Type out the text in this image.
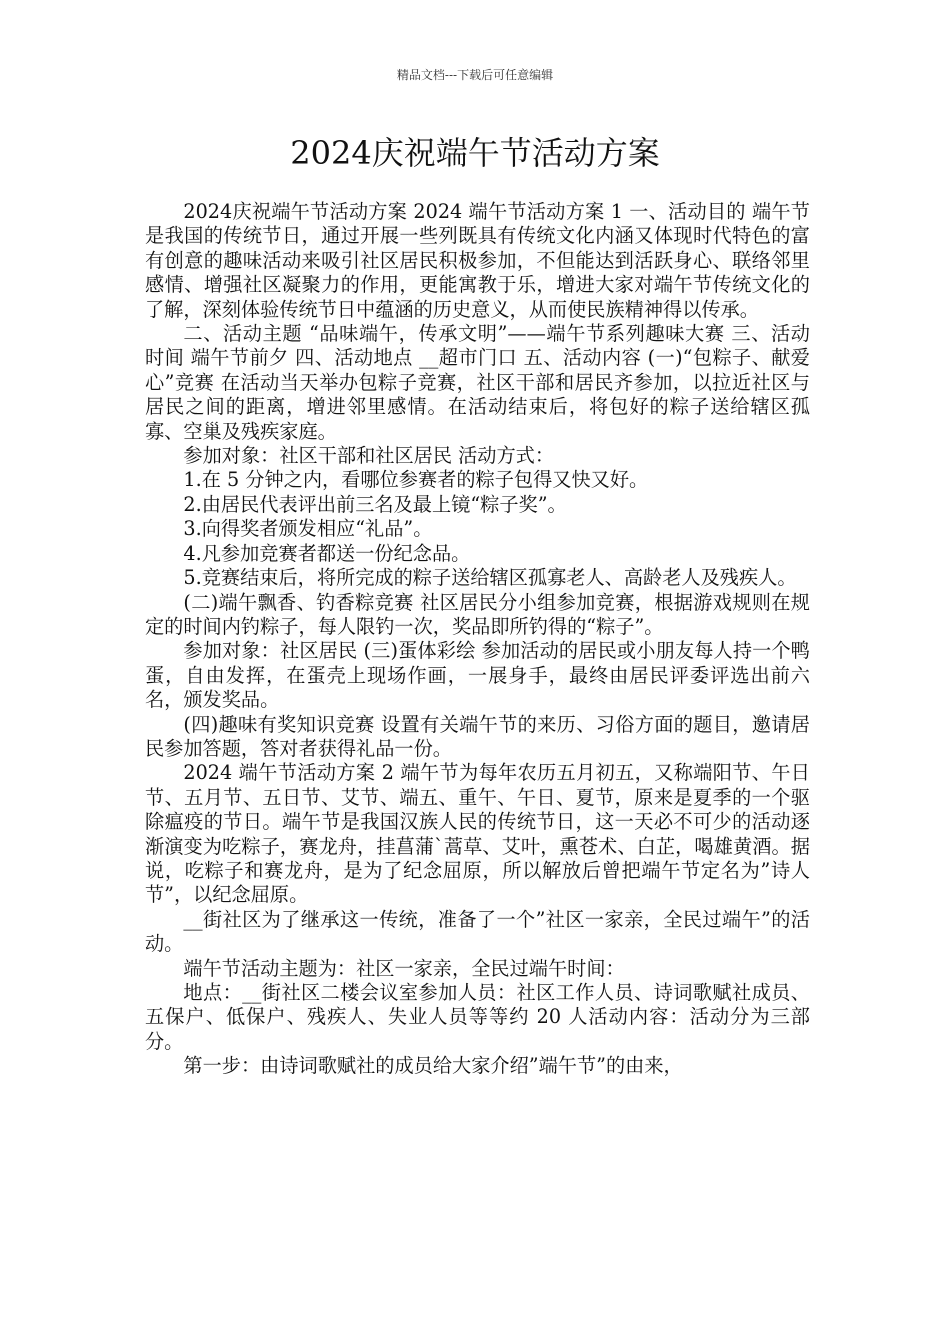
精品文档---下载后可任意编辑
2024庆祝端午节活动方案

2024庆祝端午节活动方案 2024 端午节活动方案 1 一、活动目的 端午节是我国的传统节日，通过开展一些列既具有传统文化内涵又体现时代特色的富有创意的趣味活动来吸引社区居民积极参加，不但能达到活跃身心、联络邻里感情、增强社区凝聚力的作用，更能寓教于乐，增进大家对端午节传统文化的了解，深刻体验传统节日中蕴涵的历史意义，从而使民族精神得以传承。

二、活动主题 “品味端午，传承文明”——端午节系列趣味大赛 三、活动时间 端午节前夕 四、活动地点 __超市门口 五、活动内容 (一)“包粽子、献爱心”竞赛 在活动当天举办包粽子竞赛，社区干部和居民齐参加，以拉近社区与居民之间的距离，增进邻里感情。在活动结束后，将包好的粽子送给辖区孤寡、空巢及残疾家庭。

参加对象：社区干部和社区居民 活动方式：

1.在 5 分钟之内，看哪位参赛者的粽子包得又快又好。

2.由居民代表评出前三名及最上镜“粽子奖”。

3.向得奖者颁发相应“礼品”。

4.凡参加竞赛者都送一份纪念品。

5.竞赛结束后，将所完成的粽子送给辖区孤寡老人、高龄老人及残疾人。

(二)端午飘香、钓香粽竞赛 社区居民分小组参加竞赛，根据游戏规则在规定的时间内钓粽子，每人限钓一次，奖品即所钓得的“粽子”。

参加对象：社区居民 (三)蛋体彩绘 参加活动的居民或小朋友每人持一个鸭蛋，自由发挥，在蛋壳上现场作画，一展身手，最终由居民评委评选出前六名，颁发奖品。

(四)趣味有奖知识竞赛 设置有关端午节的来历、习俗方面的题目，邀请居民参加答题，答对者获得礼品一份。

2024 端午节活动方案 2 端午节为每年农历五月初五，又称端阳节、午日节、五月节、五日节、艾节、端五、重午、午日、夏节，原来是夏季的一个驱除瘟疫的节日。端午节是我国汉族人民的传统节日，这一天必不可少的活动逐渐演变为吃粽子，赛龙舟，挂菖蒲`蒿草、艾叶，熏苍术、白芷，喝雄黄酒。据说，吃粽子和赛龙舟，是为了纪念屈原，所以解放后曾把端午节定名为”诗人节”，以纪念屈原。

__街社区为了继承这一传统，准备了一个”社区一家亲，全民过端午”的活动。

端午节活动主题为：社区一家亲，全民过端午时间：

地点：__街社区二楼会议室参加人员：社区工作人员、诗词歌赋社成员、五保户、低保户、残疾人、失业人员等等约 20 人活动内容：活动分为三部分。

第一步：由诗词歌赋社的成员给大家介绍”端午节”的由来，
